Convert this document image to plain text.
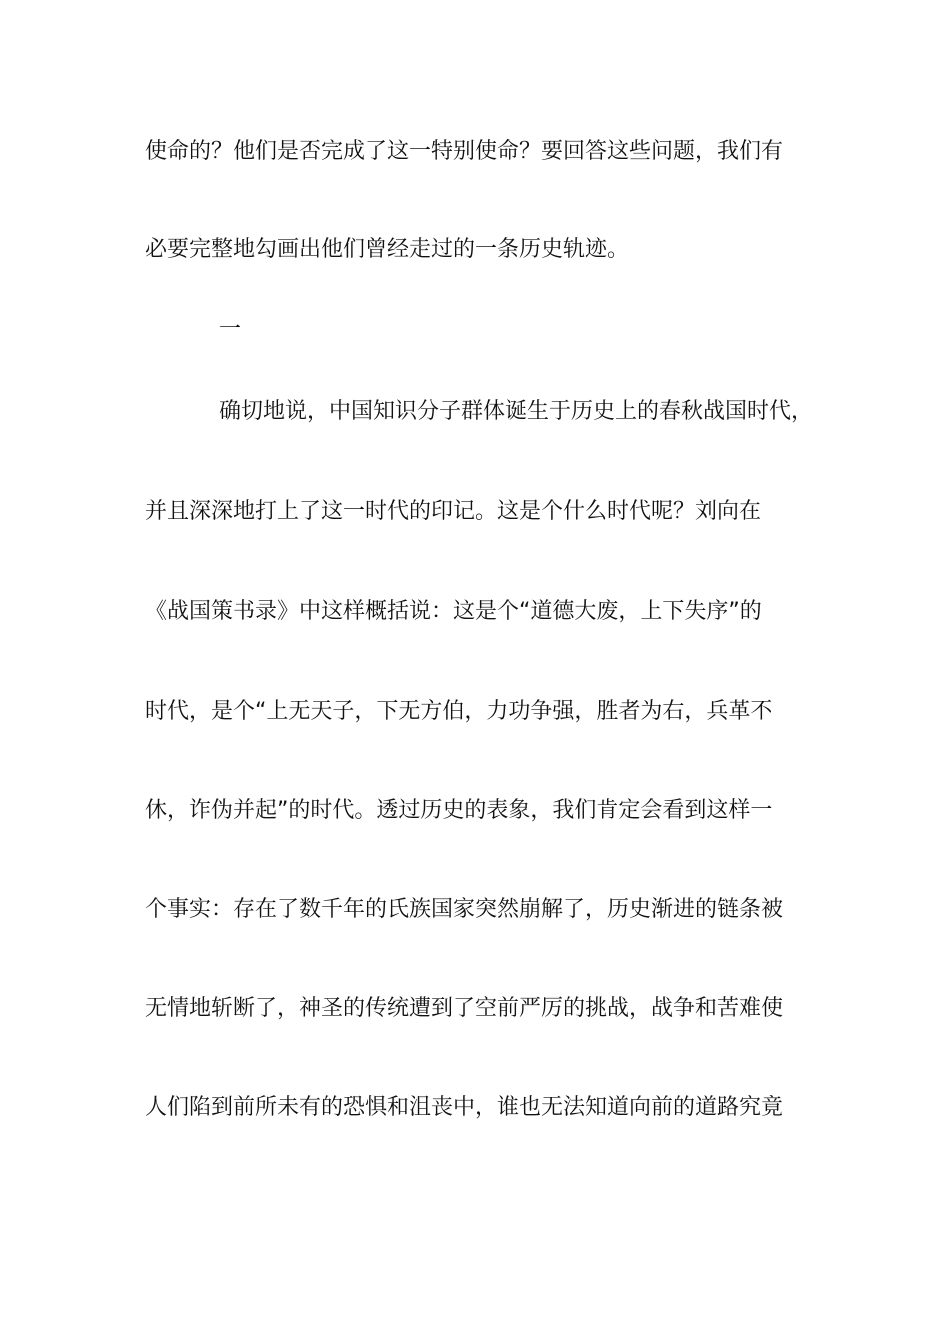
使命的？他们是否完成了这一特别使命？要回答这些问题，我们有
必要完整地勾画出他们曾经走过的一条历史轨迹。
一
确切地说，中国知识分子群体诞生于历史上的春秋战国时代，
并且深深地打上了这一时代的印记。这是个什么时代呢？刘向在
《战国策书录》中这样概括说：这是个“道德大废，上下失序”的
时代，是个“上无天子，下无方伯，力功争强，胜者为右，兵革不
休，诈伪并起”的时代。透过历史的表象，我们肯定会看到这样一
个事实：存在了数千年的氏族国家突然崩解了，历史渐进的链条被
无情地斩断了，神圣的传统遭到了空前严厉的挑战，战争和苦难使
人们陷到前所未有的恐惧和沮丧中，谁也无法知道向前的道路究竟
